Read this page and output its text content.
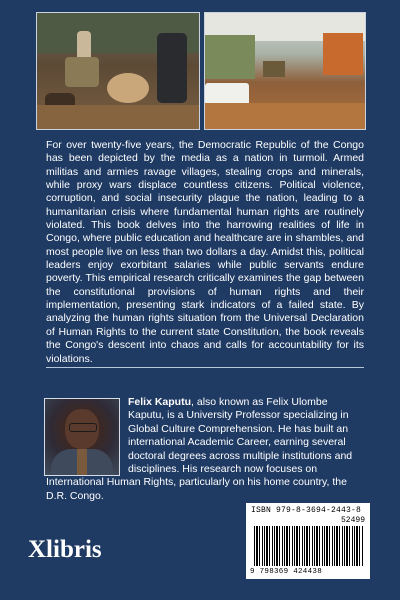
For over twenty-five years, the Democratic Republic of the Congo has been depicted by the media as a nation in turmoil. Armed militias and armies ravage villages, stealing crops and minerals, while proxy wars displace countless citizens. Political violence, corruption, and social insecurity plague the nation, leading to a humanitarian crisis where fundamental human rights are routinely violated. This book delves into the harrowing realities of life in Congo, where public education and healthcare are in shambles, and most people live on less than two dollars a day. Amidst this, political leaders enjoy exorbitant salaries while public servants endure poverty. This empirical research critically examines the gap between the constitutional provisions of human rights and their implementation, presenting stark indicators of a failed state. By analyzing the human rights situation from the Universal Declaration of Human Rights to the current state Constitution, the book reveals the Congo's descent into chaos and calls for accountability for its violations.

Felix Kaputu, also known as Felix Ulombe Kaputu, is a University Professor specializing in Global Culture Comprehension. He has built an international Academic Career, earning several doctoral degrees across multiple institutions and disciplines. His research now focuses on International Human Rights, particularly on his home country, the D.R. Congo.
Xlibris
ISBN 979-8-3694-2443-8
52499
9 798369 424438
